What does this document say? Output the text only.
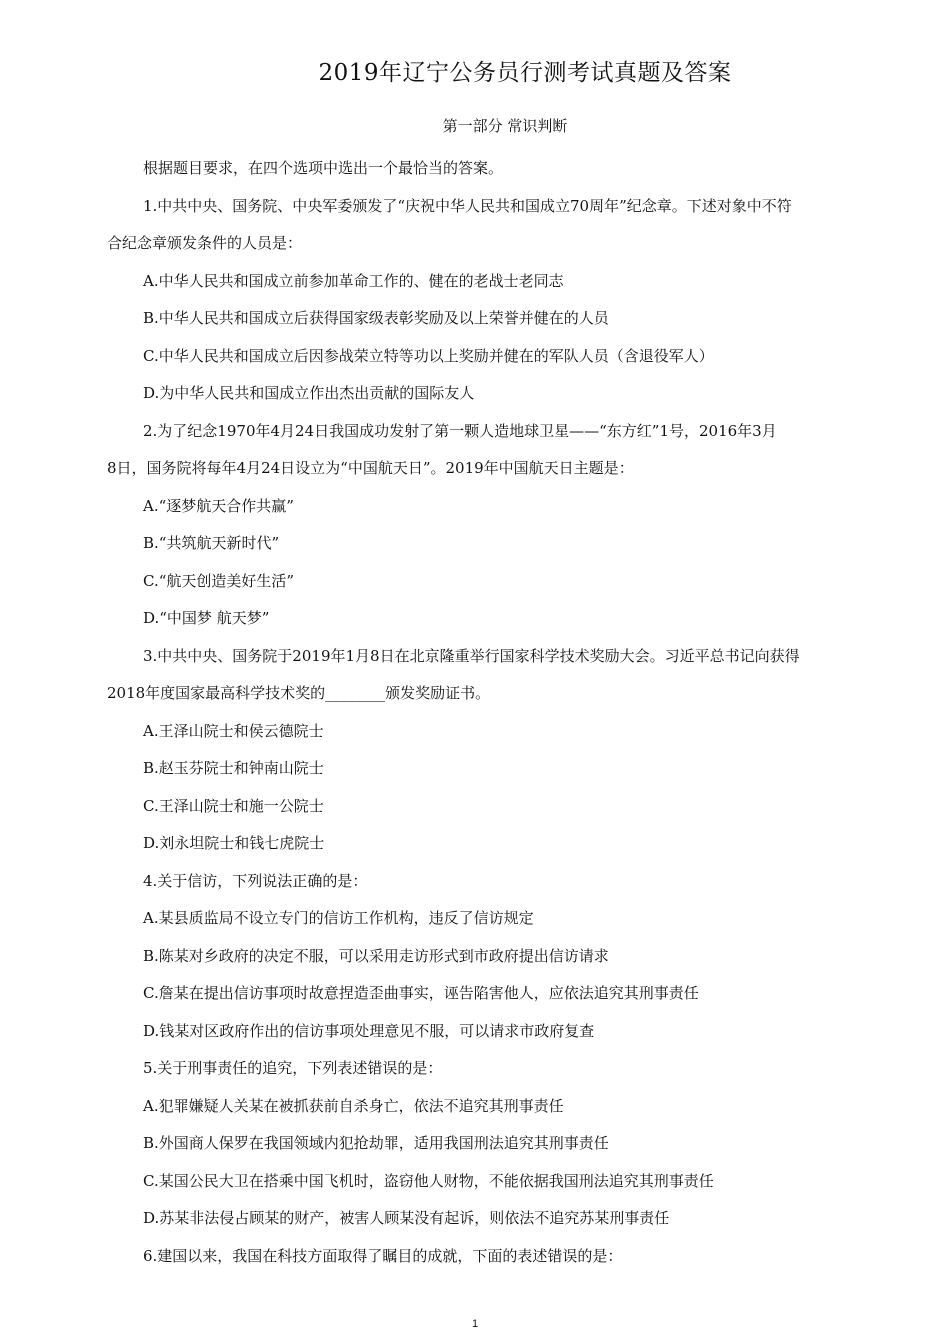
2019年辽宁公务员行测考试真题及答案
第一部分 常识判断
根据题目要求，在四个选项中选出一个最恰当的答案。
1.中共中央、国务院、中央军委颁发了“庆祝中华人民共和国成立70周年”纪念章。下述对象中不符
合纪念章颁发条件的人员是：
A.中华人民共和国成立前参加革命工作的、健在的老战士老同志
B.中华人民共和国成立后获得国家级表彰奖励及以上荣誉并健在的人员
C.中华人民共和国成立后因参战荣立特等功以上奖励并健在的军队人员（含退役军人）
D.为中华人民共和国成立作出杰出贡献的国际友人
2.为了纪念1970年4月24日我国成功发射了第一颗人造地球卫星——“东方红”1号，2016年3月
8日，国务院将每年4月24日设立为“中国航天日”。2019年中国航天日主题是：
A.“逐梦航天合作共赢”
B.“共筑航天新时代”
C.“航天创造美好生活”
D.“中国梦 航天梦”
3.中共中央、国务院于2019年1月8日在北京隆重举行国家科学技术奖励大会。习近平总书记向获得
2018年度国家最高科学技术奖的________颁发奖励证书。
A.王泽山院士和侯云德院士
B.赵玉芬院士和钟南山院士
C.王泽山院士和施一公院士
D.刘永坦院士和钱七虎院士
4.关于信访，下列说法正确的是：
A.某县质监局不设立专门的信访工作机构，违反了信访规定
B.陈某对乡政府的决定不服，可以采用走访形式到市政府提出信访请求
C.詹某在提出信访事项时故意捏造歪曲事实，诬告陷害他人，应依法追究其刑事责任
D.钱某对区政府作出的信访事项处理意见不服，可以请求市政府复查
5.关于刑事责任的追究，下列表述错误的是：
A.犯罪嫌疑人关某在被抓获前自杀身亡，依法不追究其刑事责任
B.外国商人保罗在我国领域内犯抢劫罪，适用我国刑法追究其刑事责任
C.某国公民大卫在搭乘中国飞机时，盗窃他人财物，不能依据我国刑法追究其刑事责任
D.苏某非法侵占顾某的财产，被害人顾某没有起诉，则依法不追究苏某刑事责任
6.建国以来，我国在科技方面取得了瞩目的成就，下面的表述错误的是：
1
